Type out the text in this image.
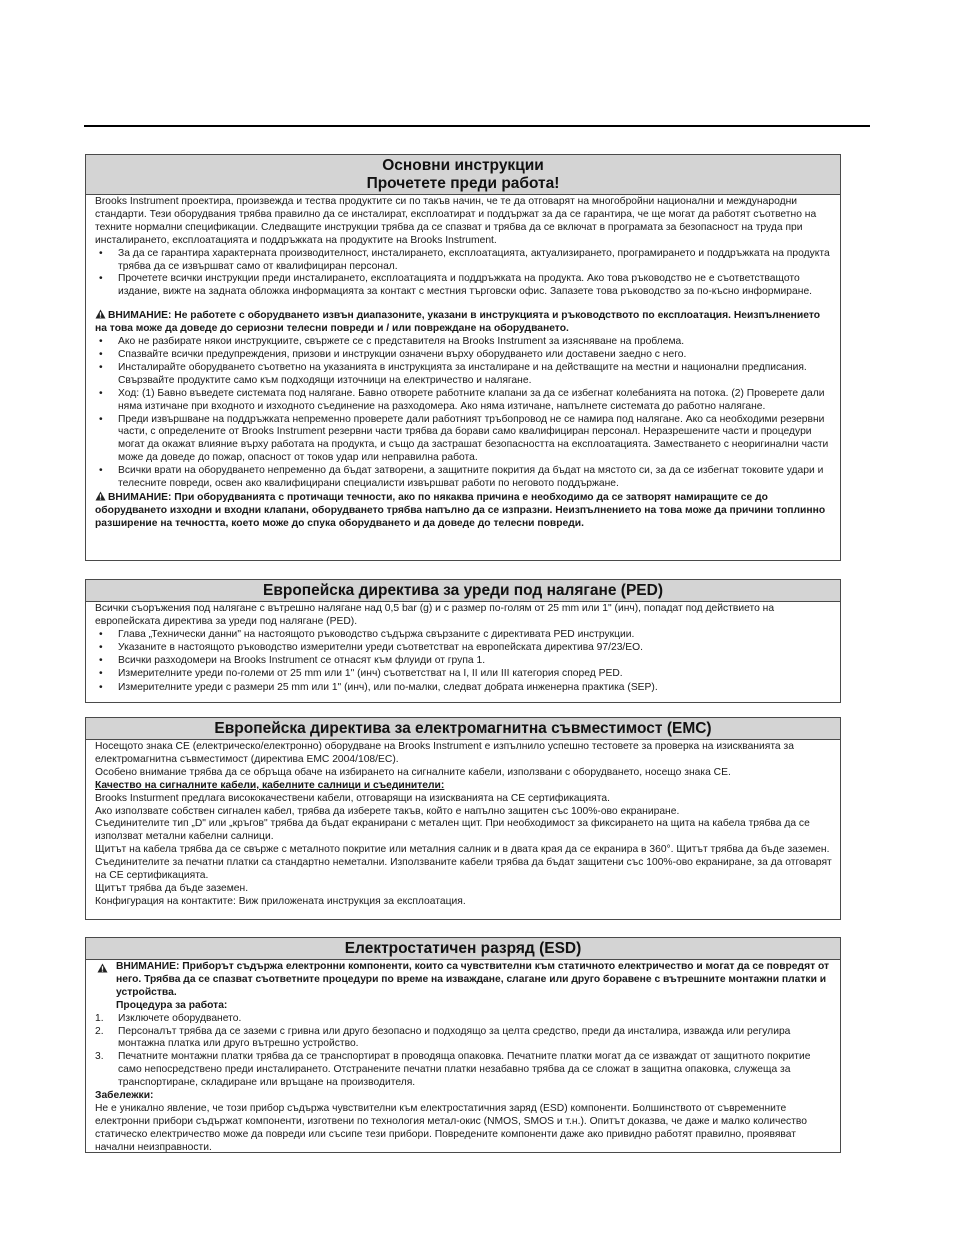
Основни инструкции
Прочетете преди работа!

Brooks Instrument проектира, произвежда и тества продуктите си по такъв начин, че те да отговарят на многобройни национални и международни стандарти. Тези оборудвания трябва правилно да се инсталират, експлоатират и поддържат за да се гарантира, че ще могат да работят съответно на техните нормални спецификации. Следващите инструкции трябва да се спазват и трябва да се включат в програмата за безопасност на труда при инсталирането, експлоатацията и поддръжката на продуктите на Brooks Instrument.

• За да се гарантира характерната производителност, инсталирането, експлоатацията, актуализирането, програмирането и поддръжката на продукта трябва да се извършват само от квалифициран персонал.

• Прочетете всички инструкции преди инсталирането, експлоатацията и поддръжката на продукта. Ако това ръководство не е съответстващото издание, вижте на задната обложка информацията за контакт с местния търговски офис. Запазете това ръководство за по-късно информиране.

ВНИМАНИЕ: Не работете с оборудването извън диапазоните, указани в инструкцията и ръководството по експлоатация. Неизпълнението на това може да доведе до сериозни телесни повреди и / или повреждане на оборудването.

• Ако не разбирате някои инструкциите, свържете се с представителя на Brooks Instrument за изясняване на проблема.

• Спазвайте всички предупреждения, призови и инструкции означени върху оборудването или доставени заедно с него.

• Инсталирайте оборудването съответно на указанията в инструкцията за инсталиране и на действащите на местни и национални предписания. Свързвайте продуктите само към подходящи източници на електричество и налягане.

• Ход: (1) Бавно въведете системата под налягане. Бавно отворете работните клапани за да се избегнат колебанията на потока. (2) Проверете дали няма изтичане при входното и изходното съединение на разходомера. Ако няма изтичане, напълнете системата до работно налягане.

• Преди извършване на поддръжката непременно проверете дали работният тръбопровод не се намира под налягане. Ако са необходими резервни части, с определените от Brooks Instrument резервни части трябва да борави само квалифициран персонал. Неразрешените части и процедури могат да окажат влияние върху работата на продукта, и също да застрашат безопасността на експлоатацията. Заместването с неоригинални части може да доведе до пожар, опасност от токов удар или неправилна работа.

• Всички врати на оборудването непременно да бъдат затворени, а защитните покрития да бъдат на мястото си, за да се избегнат токовите удари и телесните повреди, освен ако квалифицирани специалисти извършват работи по неговото поддържане.

ВНИМАНИЕ: При оборудванията с протичащи течности, ако по някаква причина е необходимо да се затворят намиращите се до оборудването изходни и входни клапани, оборудването трябва напълно да се изпразни. Неизпълнението на това може да причини топлинно разширение на течността, което може до спука оборудването и да доведе до телесни повреди.

Европейска директива за уреди под налягане (PED)

Всички съоръжения под налягане с вътрешно налягане над 0,5 bar (g) и с размер по-голям от 25 mm или 1" (инч), попадат под действието на европейската директива за уреди под налягане (PED).

• Глава „Технически данни" на настоящото ръководство съдържа свързаните с директивата PED инструкции.

• Указаните в настоящото ръководство измерителни уреди съответстват на европейската директива 97/23/ЕО.

• Всички разходомери на Brooks Instrument се отнасят към флуиди от група 1.

• Измерителните уреди по-големи от 25 mm или 1" (инч) съответстват на I, II или III категория според PED.

• Измерителните уреди с размери 25 mm или 1" (инч), или по-малки, следват добрата инженерна практика (SEP).

Европейска директива за електромагнитна съвместимост (EMC)

Носещото знака CE (електрическо/електронно) оборудване на Brooks Instrument е изпълнило успешно тестовете за проверка на изискванията за електромагнитна съвместимост (директива EMC 2004/108/EC).

Особено внимание трябва да се обръща обаче на избирането на сигналните кабели, използвани с оборудването, носещо знака CE.

Качество на сигналните кабели, кабелните салници и съединители:

Brooks Insturment предлага висококачествени кабели, отговарящи на изискванията на CE сертификацията.

Ако използвате собствен сигнален кабел, трябва да изберете такъв, който е напълно защитен със 100%-ово екраниране.

Съединителите тип „D" или „кръгов" трябва да бъдат екранирани с метален щит. При необходимост за фиксирането на щита на кабела трябва да се използват метални кабелни салници.

Щитът на кабела трябва да се свърже с металното покритие или металния салник и в двата края да се екранира в 360°. Щитът трябва да бъде заземен.

Съединителите за печатни платки са стандартно неметални. Използваните кабели трябва да бъдат защитени със 100%-ово екраниране, за да отговарят на CE сертификацията.

Щитът трябва да бъде заземен.

Конфигурация на контактите: Виж приложената инструкция за експлоатация.

Електростатичен разряд (ESD)

ВНИМАНИЕ: Приборът съдържа електронни компоненти, които са чувствителни към статичното електричество и могат да се повредят от него. Трябва да се спазват съответните процедури по време на изваждане, слагане или друго боравене с вътрешните монтажни платки и устройства.

Процедура за работа:

1. Изключете оборудването.

2. Персоналът трябва да се заземи с гривна или друго безопасно и подходящо за целта средство, преди да инсталира, изважда или регулира монтажна платка или друго вътрешно устройство.

3. Печатните монтажни платки трябва да се транспортират в проводяща опаковка. Печатните платки могат да се изваждат от защитното покритие само непосредствено преди инсталирането. Отстранените печатни платки незабавно трябва да се сложат в защитна опаковка, служеща за транспортиране, складиране или връщане на производителя.

Забележки:

Не е уникално явление, че този прибор съдържа чувствителни към електростатичния заряд (ESD) компоненти. Болшинството от съвременните електронни прибори съдържат компоненти, изготвени по технология метал-окис (NMOS, SMOS и т.н.). Опитът доказва, че даже и малко количество статическо електричество може да повреди или съсипе тези прибори. Повредените компоненти даже ако привидно работят правилно, проявяват начални неизправности.
